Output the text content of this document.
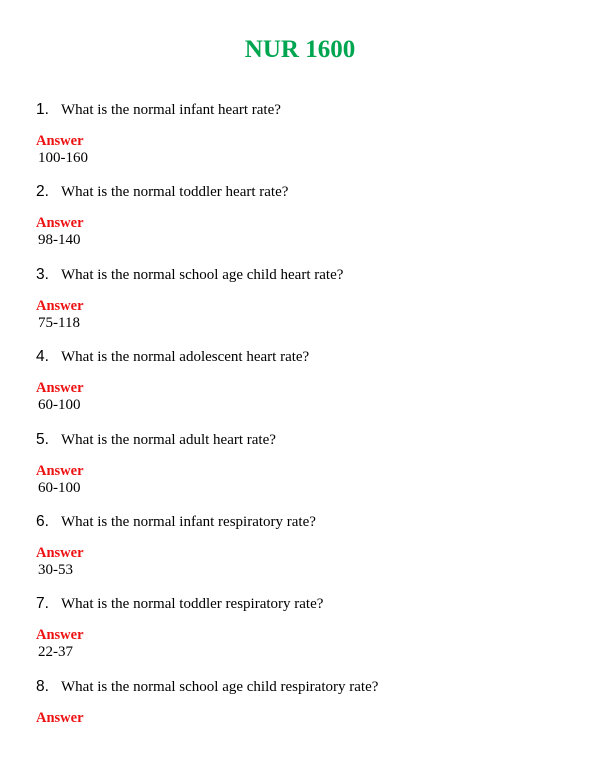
NUR 1600
1. What is the normal infant heart rate?
Answer
100-160
2. What is the normal toddler heart rate?
Answer
98-140
3. What is the normal school age child heart rate?
Answer
75-118
4. What is the normal adolescent heart rate?
Answer
60-100
5. What is the normal adult heart rate?
Answer
60-100
6. What is the normal infant respiratory rate?
Answer
30-53
7. What is the normal toddler respiratory rate?
Answer
22-37
8. What is the normal school age child respiratory rate?
Answer
